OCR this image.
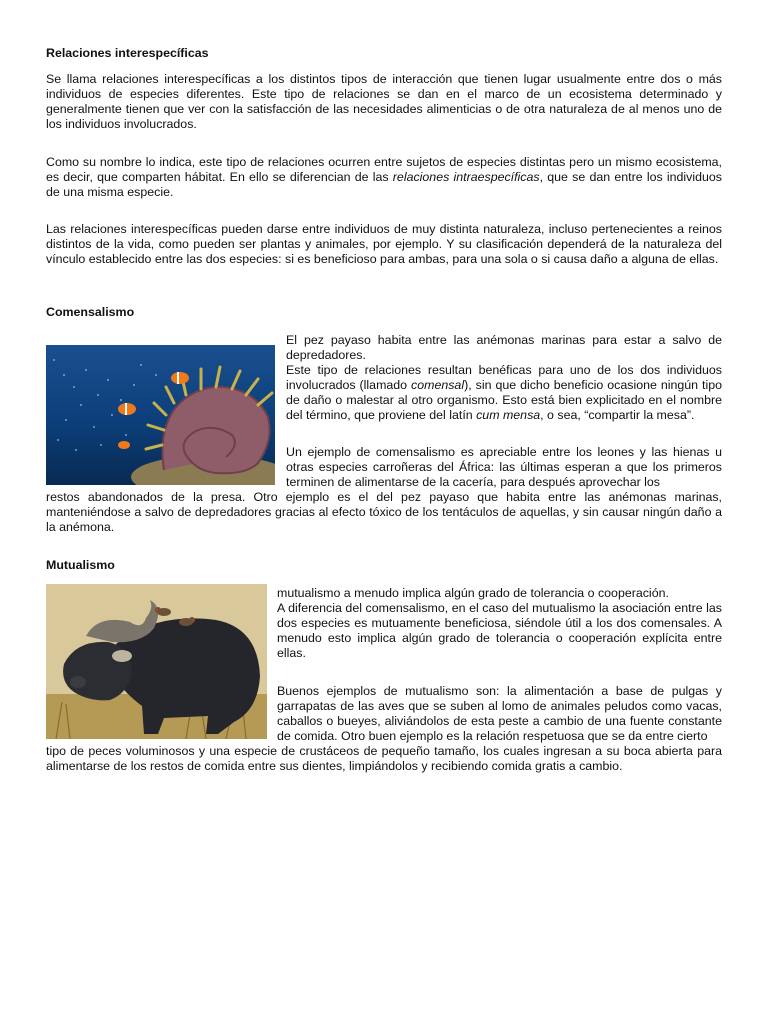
Relaciones interespecíficas

Se llama relaciones interespecíficas a los distintos tipos de interacción que tienen lugar usualmente entre dos o más individuos de especies diferentes. Este tipo de relaciones se dan en el marco de un ecosistema determinado y generalmente tienen que ver con la satisfacción de las necesidades alimenticias o de otra naturaleza de al menos uno de los individuos involucrados.

Como su nombre lo indica, este tipo de relaciones ocurren entre sujetos de especies distintas pero un mismo ecosistema, es decir, que comparten hábitat. En ello se diferencian de las relaciones intraespecíficas, que se dan entre los individuos de una misma especie.

Las relaciones interespecíficas pueden darse entre individuos de muy distinta naturaleza, incluso pertenecientes a reinos distintos de la vida, como pueden ser plantas y animales, por ejemplo. Y su clasificación dependerá de la naturaleza del vínculo establecido entre las dos especies: si es beneficioso para ambas, para una sola o si causa daño a alguna de ellas.

Comensalismo

El pez payaso habita entre las anémonas marinas para estar a salvo de depredadores.

Este tipo de relaciones resultan benéficas para uno de los dos individuos involucrados (llamado comensal), sin que dicho beneficio ocasione ningún tipo de daño o malestar al otro organismo. Esto está bien explicitado en el nombre del término, que proviene del latín cum mensa, o sea, “compartir la mesa”.

Un ejemplo de comensalismo es apreciable entre los leones y las hienas u otras especies carroñeras del África: las últimas esperan a que los primeros terminen de alimentarse de la cacería, para después aprovechar los

restos abandonados de la presa. Otro ejemplo es el del pez payaso que habita entre las anémonas marinas, manteniéndose a salvo de depredadores gracias al efecto tóxico de los tentáculos de aquellas, y sin causar ningún daño a la anémona.

Mutualismo

mutualismo a menudo implica algún grado de tolerancia o cooperación.

A diferencia del comensalismo, en el caso del mutualismo la asociación entre las dos especies es mutuamente beneficiosa, siéndole útil a los dos comensales. A menudo esto implica algún grado de tolerancia o cooperación explícita entre ellas.

Buenos ejemplos de mutualismo son: la alimentación a base de pulgas y garrapatas de las aves que se suben al lomo de animales peludos como vacas, caballos o bueyes, aliviándolos de esta peste a cambio de una fuente constante de comida. Otro buen ejemplo es la relación respetuosa que se da entre cierto

tipo de peces voluminosos y una especie de crustáceos de pequeño tamaño, los cuales ingresan a su boca abierta para alimentarse de los restos de comida entre sus dientes, limpiándolos y recibiendo comida gratis a cambio.
